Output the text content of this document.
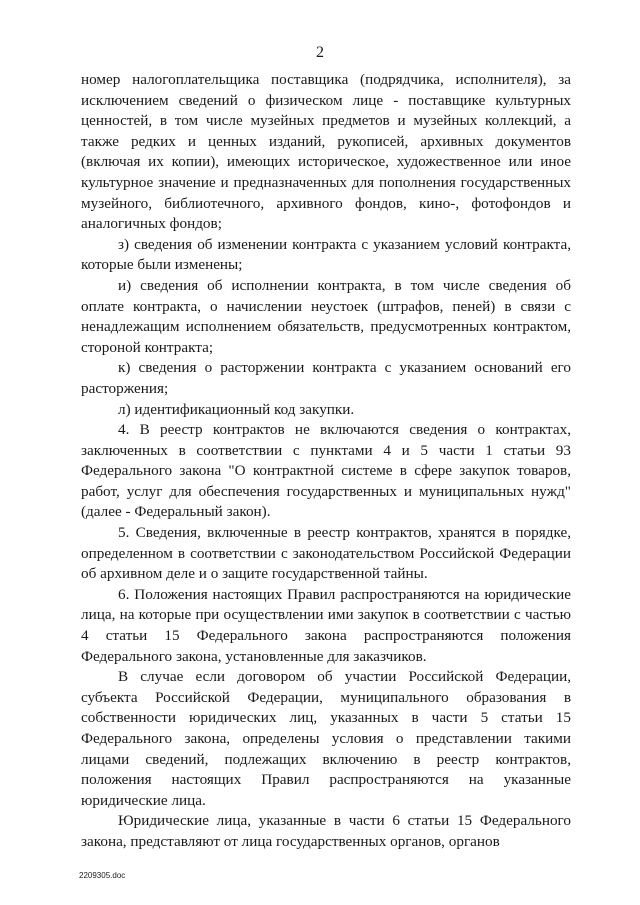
2

номер налогоплательщика поставщика (подрядчика, исполнителя), за исключением сведений о физическом лице - поставщике культурных ценностей, в том числе музейных предметов и музейных коллекций, а также редких и ценных изданий, рукописей, архивных документов (включая их копии), имеющих историческое, художественное или иное культурное значение и предназначенных для пополнения государственных музейного, библиотечного, архивного фондов, кино-, фотофондов и аналогичных фондов;

з) сведения об изменении контракта с указанием условий контракта, которые были изменены;

и) сведения об исполнении контракта, в том числе сведения об оплате контракта, о начислении неустоек (штрафов, пеней) в связи с ненадлежащим исполнением обязательств, предусмотренных контрактом, стороной контракта;

к) сведения о расторжении контракта с указанием оснований его расторжения;

л) идентификационный код закупки.

4. В реестр контрактов не включаются сведения о контрактах, заключенных в соответствии с пунктами 4 и 5 части 1 статьи 93 Федерального закона "О контрактной системе в сфере закупок товаров, работ, услуг для обеспечения государственных и муниципальных нужд" (далее - Федеральный закон).

5. Сведения, включенные в реестр контрактов, хранятся в порядке, определенном в соответствии с законодательством Российской Федерации об архивном деле и о защите государственной тайны.

6. Положения настоящих Правил распространяются на юридические лица, на которые при осуществлении ими закупок в соответствии с частью 4 статьи 15 Федерального закона распространяются положения Федерального закона, установленные для заказчиков.

В случае если договором об участии Российской Федерации, субъекта Российской Федерации, муниципального образования в собственности юридических лиц, указанных в части 5 статьи 15 Федерального закона, определены условия о представлении такими лицами сведений, подлежащих включению в реестр контрактов, положения настоящих Правил распространяются на указанные юридические лица.

Юридические лица, указанные в части 6 статьи 15 Федерального закона, представляют от лица государственных органов, органов

2209305.doc
